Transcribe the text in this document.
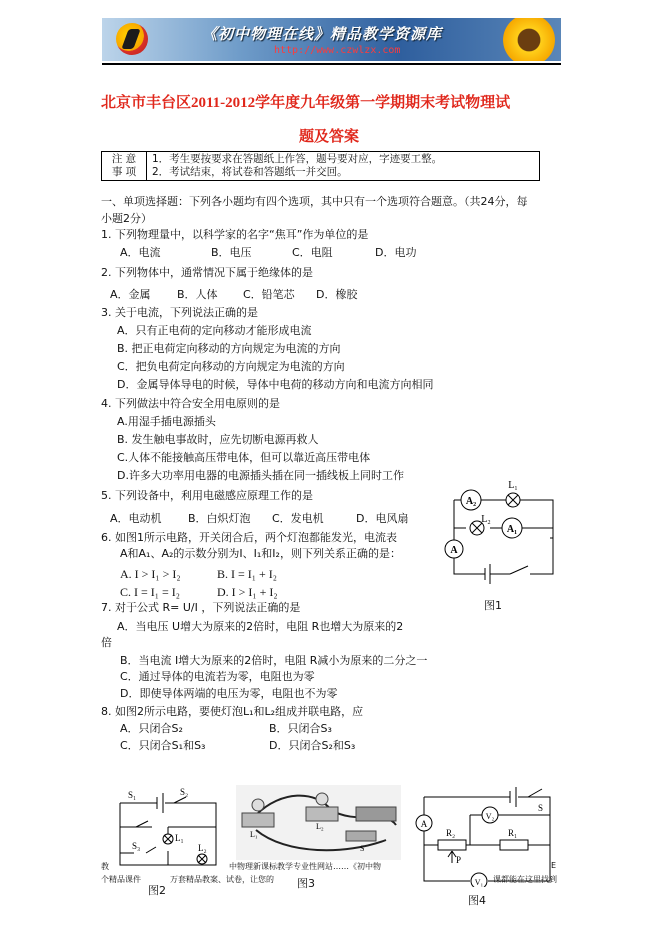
《初中物理在线》精品教学资源库
http://www.czwlzx.com
北京市丰台区2011-2012学年度九年级第一学期期末考试物理试
题及答案
注 意
事 项

1．考生要按要求在答题纸上作答，题号要对应，字迹要工整。
2．考试结束，将试卷和答题纸一并交回。
一、单项选择题：下列各小题均有四个选项，其中只有一个选项符合题意。（共24分，每
小题2分）
1. 下列物理量中，以科学家的名字“焦耳”作为单位的是
A．电流	B．电压	C．电阻	D．电功
2. 下列物体中，通常情况下属于绝缘体的是
A．金属 B．人体 C．铅笔芯 D．橡胶
3. 关于电流，下列说法正确的是
A．只有正电荷的定向移动才能形成电流
B. 把正电荷定向移动的方向规定为电流的方向
C．把负电荷定向移动的方向规定为电流的方向
D．金属导体导电的时候，导体中电荷的移动方向和电流方向相同
4. 下列做法中符合安全用电原则的是
A.用湿手插电源插头
B. 发生触电事故时，应先切断电源再救人
C.人体不能接触高压带电体，但可以靠近高压带电体
D.许多大功率用电器的电源插头插在同一插线板上同时工作
5. 下列设备中，利用电磁感应原理工作的是
A．电动机 B．白炽灯泡 C．发电机	D．电风扇
6. 如图1所示电路，开关闭合后，两个灯泡都能发光，电流表
A和A₁、A₂的示数分别为I、I₁和I₂，则下列关系正确的是：
A. I > I₁ > I₂	B. I = I₁ + I₂
C. I = I₁ = I₂	D. I > I₁ + I₂
A₂
L₁
L₂
A₁
A
图1
7. 对于公式 R= U/I ，下列说法正确的是
A．当电压 U增大为原来的2倍时，电阻 R也增大为原来的2
倍
B．当电流 I增大为原来的2倍时，电阻 R减小为原来的二分之一
C．通过导体的电流若为零，电阻也为零
D．即使导体两端的电压为零，电阻也不为零
8. 如图2所示电路，要使灯泡L₁和L₂组成并联电路，应
A．只闭合S₂	B．只闭合S₃
C．只闭合S₁和S₃	D．只闭合S₂和S₃
S₁	S₂
S₃
L₁
L₂
图2
L₁
L₂
S
图3
A
V₂
R₂
P
R₁
V₁
S
图4
教	中物理新课标教学专业性网站……《初中物	E
个精品课件	万套精品教案、试卷，让您的	课都能在这里找到
